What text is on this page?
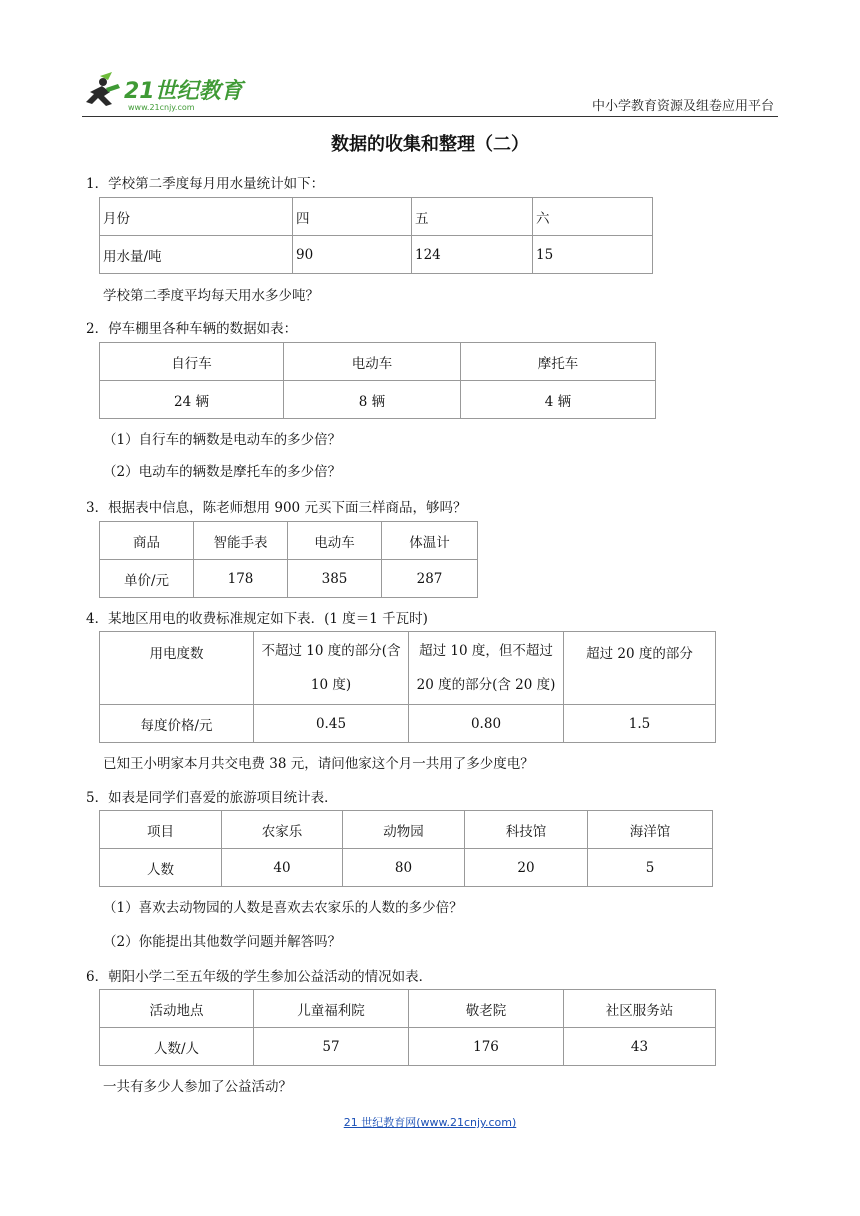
21世纪教育
www.21cnjy.com	中小学教育资源及组卷应用平台
数据的收集和整理（二）
1．学校第二季度每月用水量统计如下：
月份	四	五	六
用水量/吨	90	124	15
学校第二季度平均每天用水多少吨？
2．停车棚里各种车辆的数据如表：
自行车	电动车	摩托车
24 辆	8 辆	4 辆
（1）自行车的辆数是电动车的多少倍？
（2）电动车的辆数是摩托车的多少倍？
3．根据表中信息，陈老师想用 900 元买下面三样商品，够吗？
商品	智能手表	电动车	体温计
单价/元	178	385	287
4．某地区用电的收费标准规定如下表．(1 度＝1 千瓦时)
用电度数	不超过 10 度的部分(含 10 度)	超过 10 度，但不超过 20 度的部分(含 20 度)	超过 20 度的部分
每度价格/元	0.45	0.80	1.5
已知王小明家本月共交电费 38 元，请问他家这个月一共用了多少度电？
5．如表是同学们喜爱的旅游项目统计表．
项目	农家乐	动物园	科技馆	海洋馆
人数	40	80	20	5
（1）喜欢去动物园的人数是喜欢去农家乐的人数的多少倍？
（2）你能提出其他数学问题并解答吗？
6．朝阳小学二至五年级的学生参加公益活动的情况如表．
活动地点	儿童福利院	敬老院	社区服务站
人数/人	57	176	43
一共有多少人参加了公益活动？
21 世纪教育网(www.21cnjy.com)
